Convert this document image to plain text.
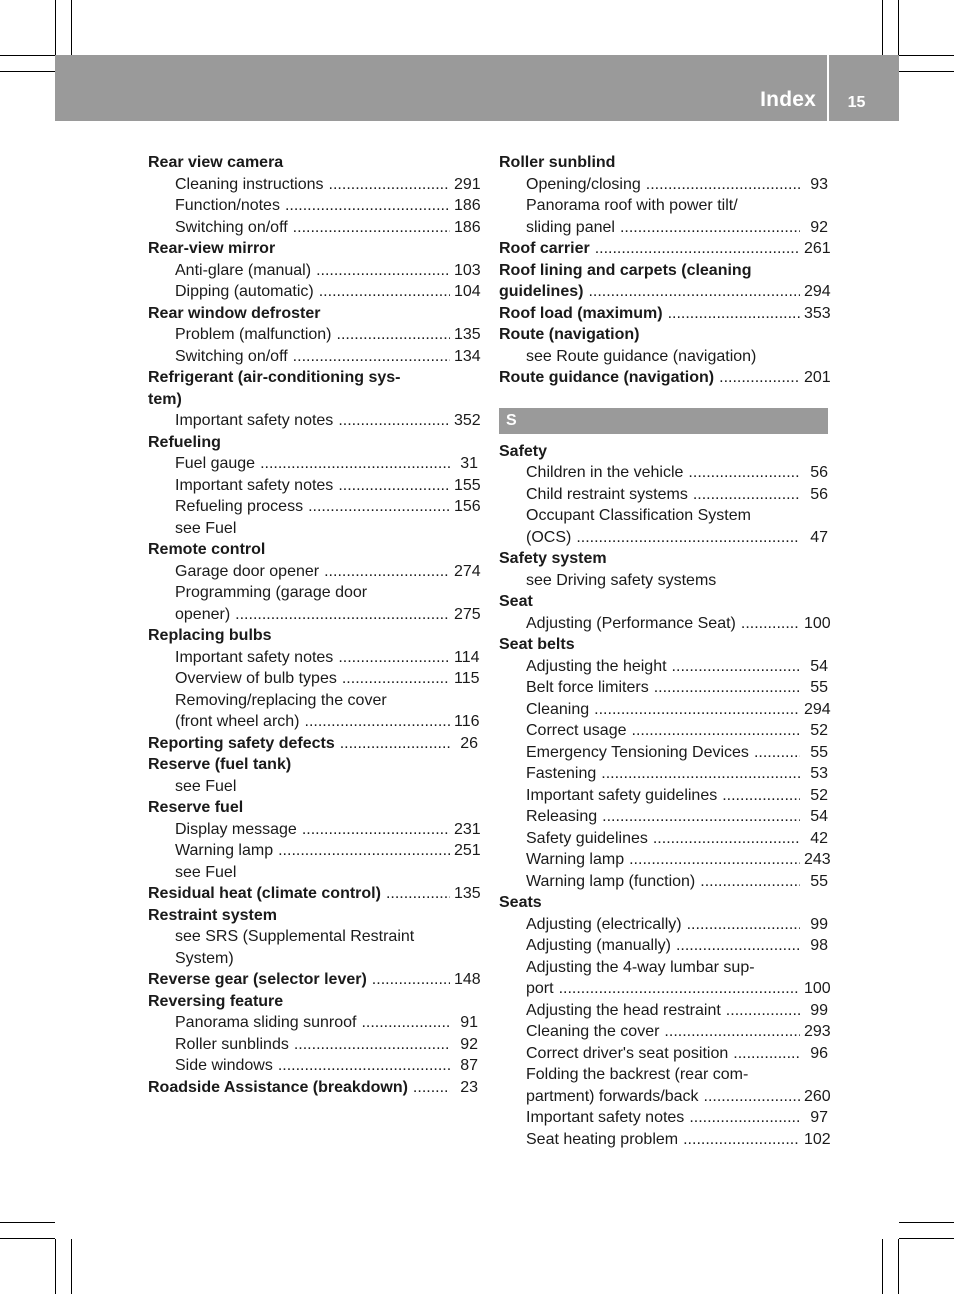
Index	15
Rear view camera
Cleaning instructions .....	291
Function/notes .....	186
Switching on/off .....	186
Rear-view mirror
Anti-glare (manual) .....	103
Dipping (automatic) .....	104
Rear window defroster
Problem (malfunction) .....	135
Switching on/off .....	134
Refrigerant (air-conditioning sys-
tem)
Important safety notes .....	352
Refueling
Fuel gauge .....	31
Important safety notes .....	155
Refueling process .....	156
see Fuel
Remote control
Garage door opener .....	274
Programming (garage door
opener) .....	275
Replacing bulbs
Important safety notes .....	114
Overview of bulb types .....	115
Removing/replacing the cover
(front wheel arch) .....	116
Reporting safety defects .....	26
Reserve (fuel tank)
see Fuel
Reserve fuel
Display message .....	231
Warning lamp .....	251
see Fuel
Residual heat (climate control) .....	135
Restraint system
see SRS (Supplemental Restraint
System)
Reverse gear (selector lever) .....	148
Reversing feature
Panorama sliding sunroof .....	91
Roller sunblinds .....	92
Side windows .....	87
Roadside Assistance (breakdown) .....	23
Roller sunblind
Opening/closing .....	93
Panorama roof with power tilt/
sliding panel .....	92
Roof carrier .....	261
Roof lining and carpets (cleaning
guidelines) .....	294
Roof load (maximum) .....	353
Route (navigation)
see Route guidance (navigation)
Route guidance (navigation) .....	201
S
Safety
Children in the vehicle .....	56
Child restraint systems .....	56
Occupant Classification System
(OCS) .....	47
Safety system
see Driving safety systems
Seat
Adjusting (Performance Seat) .....	100
Seat belts
Adjusting the height .....	54
Belt force limiters .....	55
Cleaning .....	294
Correct usage .....	52
Emergency Tensioning Devices .....	55
Fastening .....	53
Important safety guidelines .....	52
Releasing .....	54
Safety guidelines .....	42
Warning lamp .....	243
Warning lamp (function) .....	55
Seats
Adjusting (electrically) .....	99
Adjusting (manually) .....	98
Adjusting the 4-way lumbar sup-
port .....	100
Adjusting the head restraint .....	99
Cleaning the cover .....	293
Correct driver's seat position .....	96
Folding the backrest (rear com-
partment) forwards/back .....	260
Important safety notes .....	97
Seat heating problem .....	102
